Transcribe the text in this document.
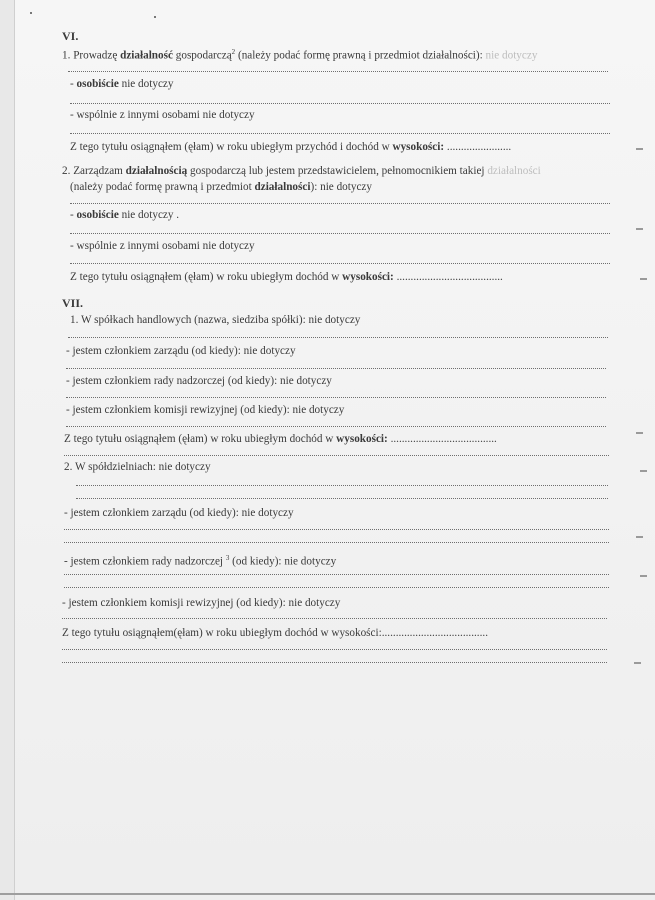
VI.
1. Prowadzę działalność gospodarczą$^2$ (należy podać formę prawną i przedmiot działalności): nie dotyczy
- osobiście nie dotyczy
- wspólnie z innymi osobami nie dotyczy
Z tego tytułu osiągnąłem (ęłam) w roku ubiegłym przychód i dochód w wysokości: .......................
2. Zarządzam działalnością gospodarczą lub jestem przedstawicielem, pełnomocnikiem takiej działalności
(należy podać formę prawną i przedmiot działalności): nie dotyczy
- osobiście nie dotyczy .
- wspólnie z innymi osobami nie dotyczy
Z tego tytułu osiągnąłem (ęłam) w roku ubiegłym dochód w wysokości: ......................................
VII.
1. W spółkach handlowych (nazwa, siedziba spółki): nie dotyczy
- jestem członkiem zarządu (od kiedy): nie dotyczy
- jestem członkiem rady nadzorczej (od kiedy): nie dotyczy
- jestem członkiem komisji rewizyjnej (od kiedy): nie dotyczy
Z tego tytułu osiągnąłem (ęłam) w roku ubiegłym dochód w wysokości: ......................................
2. W spółdzielniach: nie dotyczy
- jestem członkiem zarządu (od kiedy): nie dotyczy
- jestem członkiem rady nadzorczej $^3$ (od kiedy): nie dotyczy
- jestem członkiem komisji rewizyjnej (od kiedy): nie dotyczy
Z tego tytułu osiągnąłem(ęłam) w roku ubiegłym dochód w wysokości:......................................
